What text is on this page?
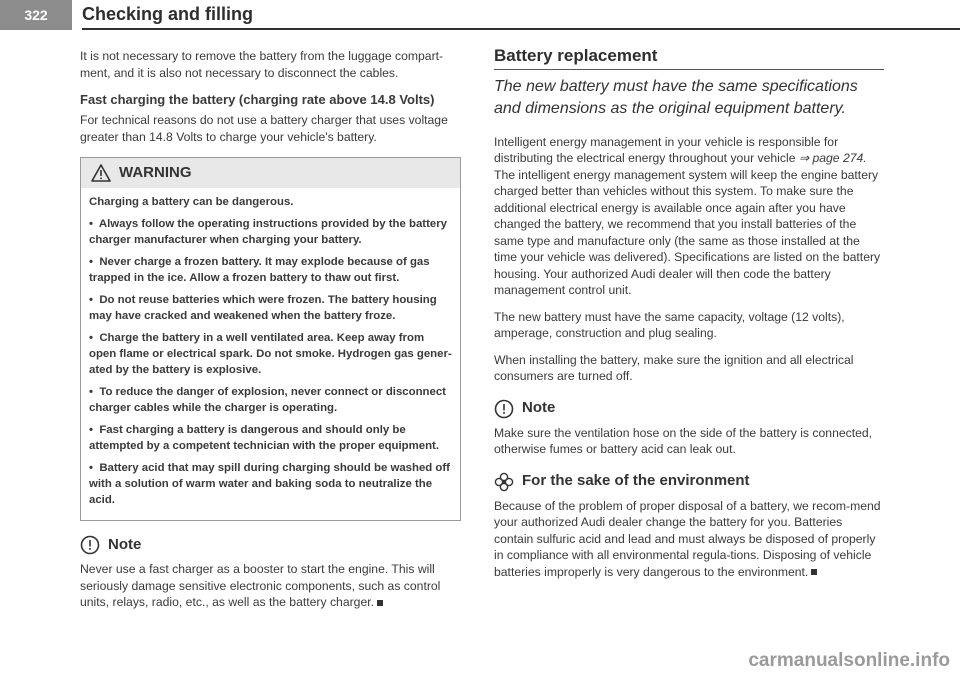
322	Checking and filling

It is not necessary to remove the battery from the luggage compart-ment, and it is also not necessary to disconnect the cables.

Fast charging the battery (charging rate above 14.8 Volts)

For technical reasons do not use a battery charger that uses voltage greater than 14.8 Volts to charge your vehicle's battery.

WARNING

Charging a battery can be dangerous.

•  Always follow the operating instructions provided by the battery charger manufacturer when charging your battery.
•  Never charge a frozen battery. It may explode because of gas trapped in the ice. Allow a frozen battery to thaw out first.
•  Do not reuse batteries which were frozen. The battery housing may have cracked and weakened when the battery froze.
•  Charge the battery in a well ventilated area. Keep away from open flame or electrical spark. Do not smoke. Hydrogen gas gener-ated by the battery is explosive.
•  To reduce the danger of explosion, never connect or disconnect charger cables while the charger is operating.
•  Fast charging a battery is dangerous and should only be attempted by a competent technician with the proper equipment.
•  Battery acid that may spill during charging should be washed off with a solution of warm water and baking soda to neutralize the acid.
Note

Never use a fast charger as a booster to start the engine. This will seriously damage sensitive electronic components, such as control units, relays, radio, etc., as well as the battery charger.

Battery replacement
The new battery must have the same specifications and dimensions as the original equipment battery.

Intelligent energy management in your vehicle is responsible for distributing the electrical energy throughout your vehicle ⇒ page 274. The intelligent energy management system will keep the engine battery charged better than vehicles without this system. To make sure the additional electrical energy is available once again after you have changed the battery, we recommend that you install batteries of the same type and manufacture only (the same as those installed at the time your vehicle was delivered). Specifications are listed on the battery housing. Your authorized Audi dealer will then code the battery management control unit.

The new battery must have the same capacity, voltage (12 volts), amperage, construction and plug sealing.

When installing the battery, make sure the ignition and all electrical consumers are turned off.

Note

Make sure the ventilation hose on the side of the battery is connected, otherwise fumes or battery acid can leak out.

For the sake of the environment

Because of the problem of proper disposal of a battery, we recom-mend your authorized Audi dealer change the battery for you. Batteries contain sulfuric acid and lead and must always be disposed of properly in compliance with all environmental regula-tions. Disposing of vehicle batteries improperly is very dangerous to the environment.

carmanualsonline.info
